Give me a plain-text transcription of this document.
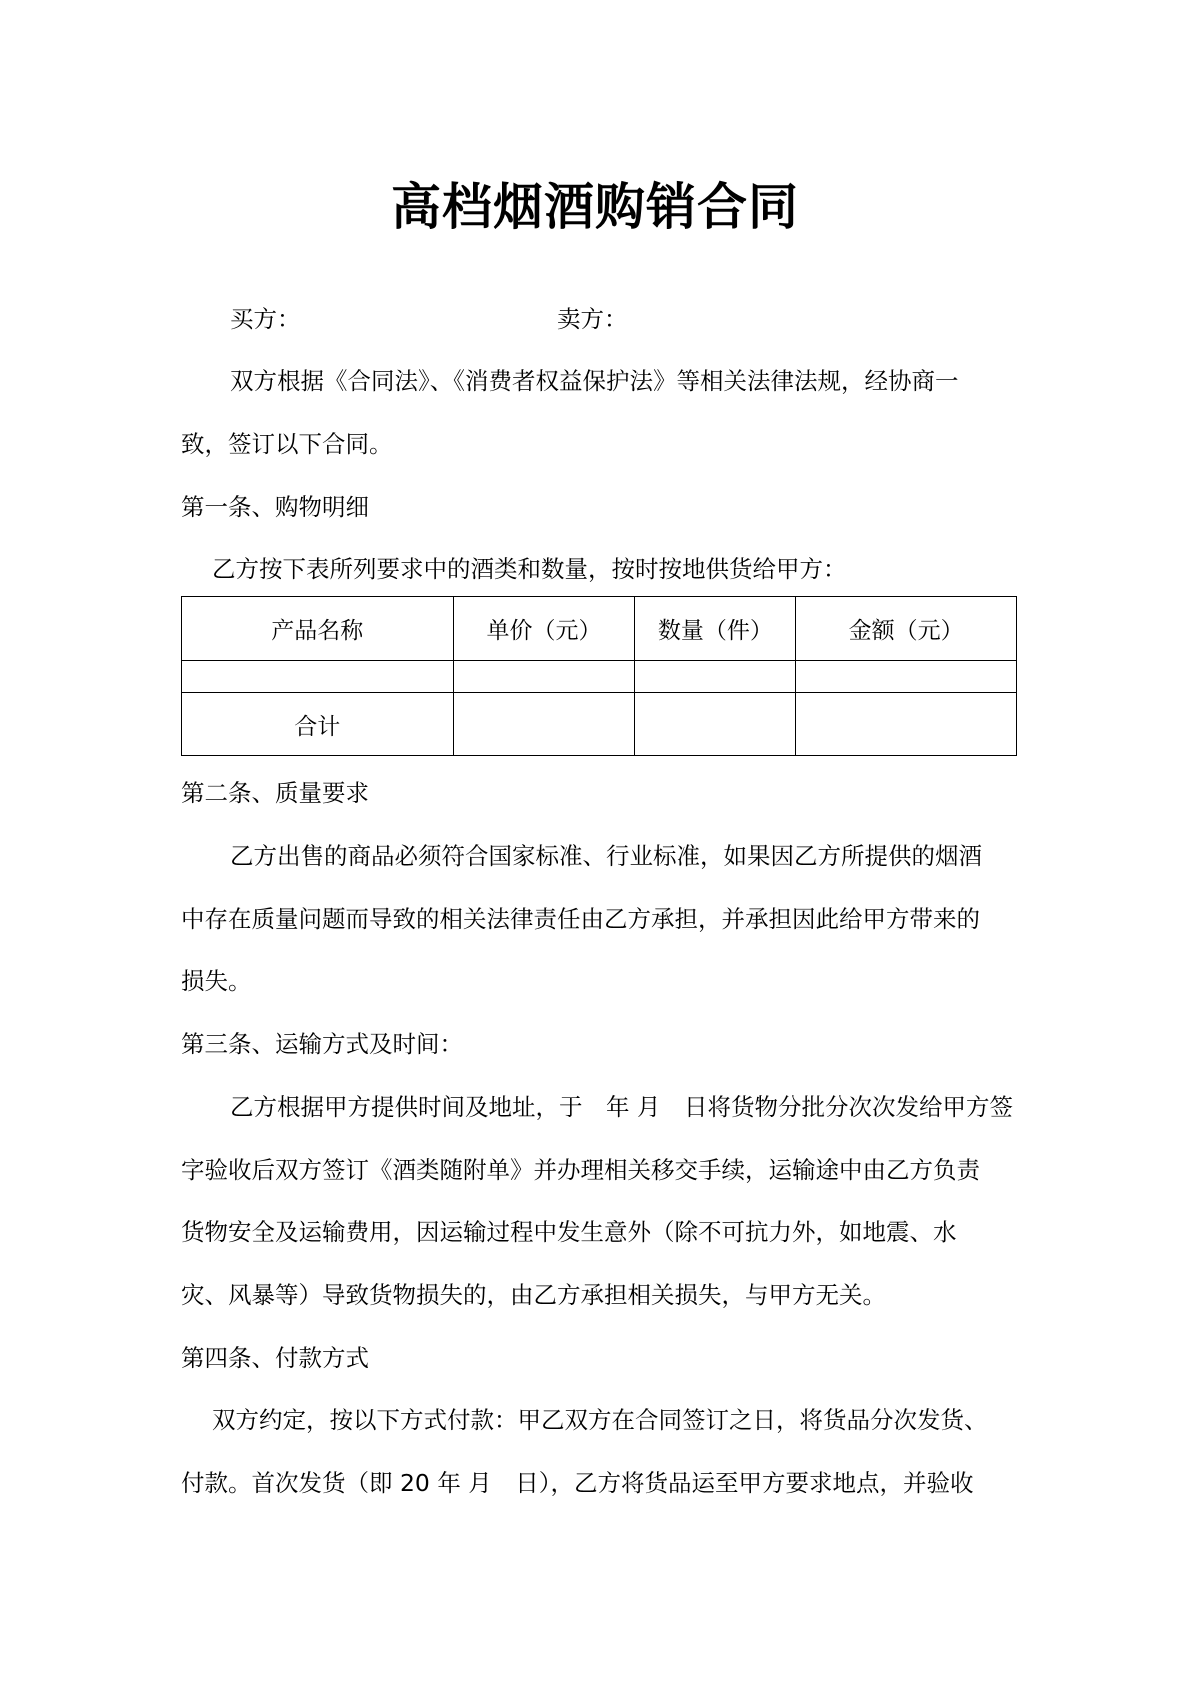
高档烟酒购销合同
买方：	卖方：
双方根据《合同法》、《消费者权益保护法》等相关法律法规，经协商一
致，签订以下合同。
第一条、购物明细
乙方按下表所列要求中的酒类和数量，按时按地供货给甲方：
产品名称	单价（元）	数量（件）	金额（元）

合计			
第二条、质量要求
乙方出售的商品必须符合国家标准、行业标准，如果因乙方所提供的烟酒
中存在质量问题而导致的相关法律责任由乙方承担，并承担因此给甲方带来的
损失。
第三条、运输方式及时间：
乙方根据甲方提供时间及地址，于　年 月　日将货物分批分次次发给甲方签
字验收后双方签订《酒类随附单》并办理相关移交手续，运输途中由乙方负责
货物安全及运输费用，因运输过程中发生意外（除不可抗力外，如地震、水
灾、风暴等）导致货物损失的，由乙方承担相关损失，与甲方无关。
第四条、付款方式
双方约定，按以下方式付款：甲乙双方在合同签订之日，将货品分次发货、
付款。首次发货（即 20 年 月　日），乙方将货品运至甲方要求地点，并验收
